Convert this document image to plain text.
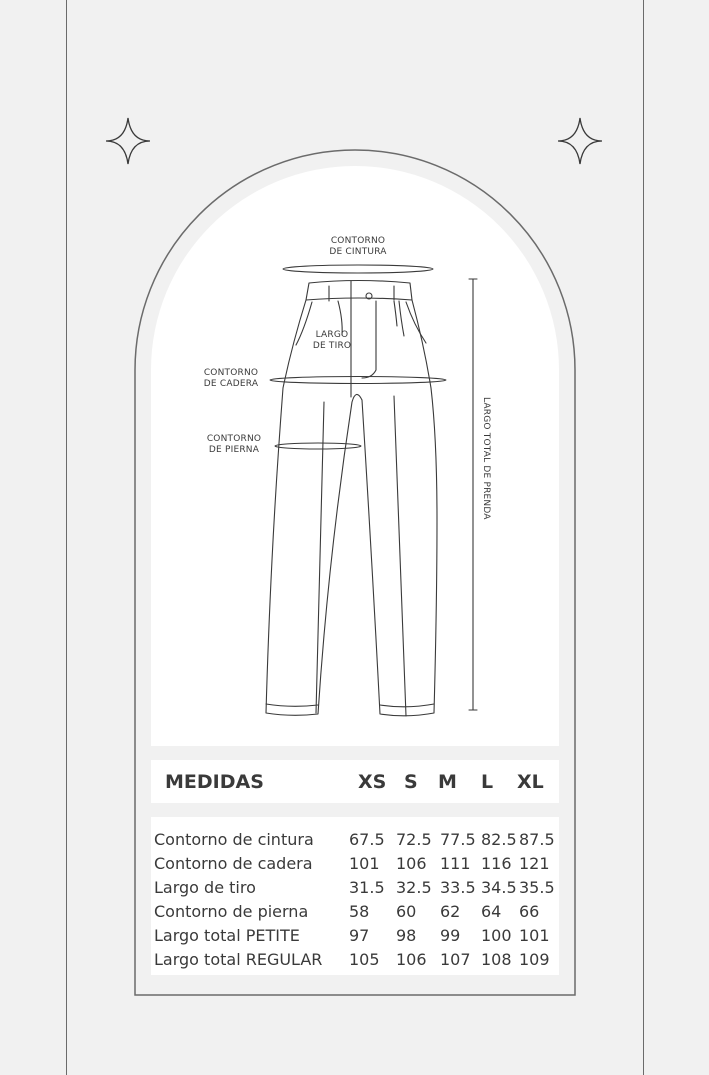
CONTORNO
DE CINTURA
LARGO
DE TIRO
CONTORNO
DE CADERA
CONTORNO
DE PIERNA	LARGO TOTAL DE PRENDA
MEDIDAS	XS S M L XL
Contorno de cintura 67.5 72.5 77.5 82.5 87.5
Contorno de cadera 101 106 111 116 121
Largo de tiro	31.5 32.5 33.5 34.5 35.5
Contorno de pierna	58 60 62 64 66
Largo total PETITE	97 98 99 100 101
Largo total REGULAR 105 106 107 108 109
